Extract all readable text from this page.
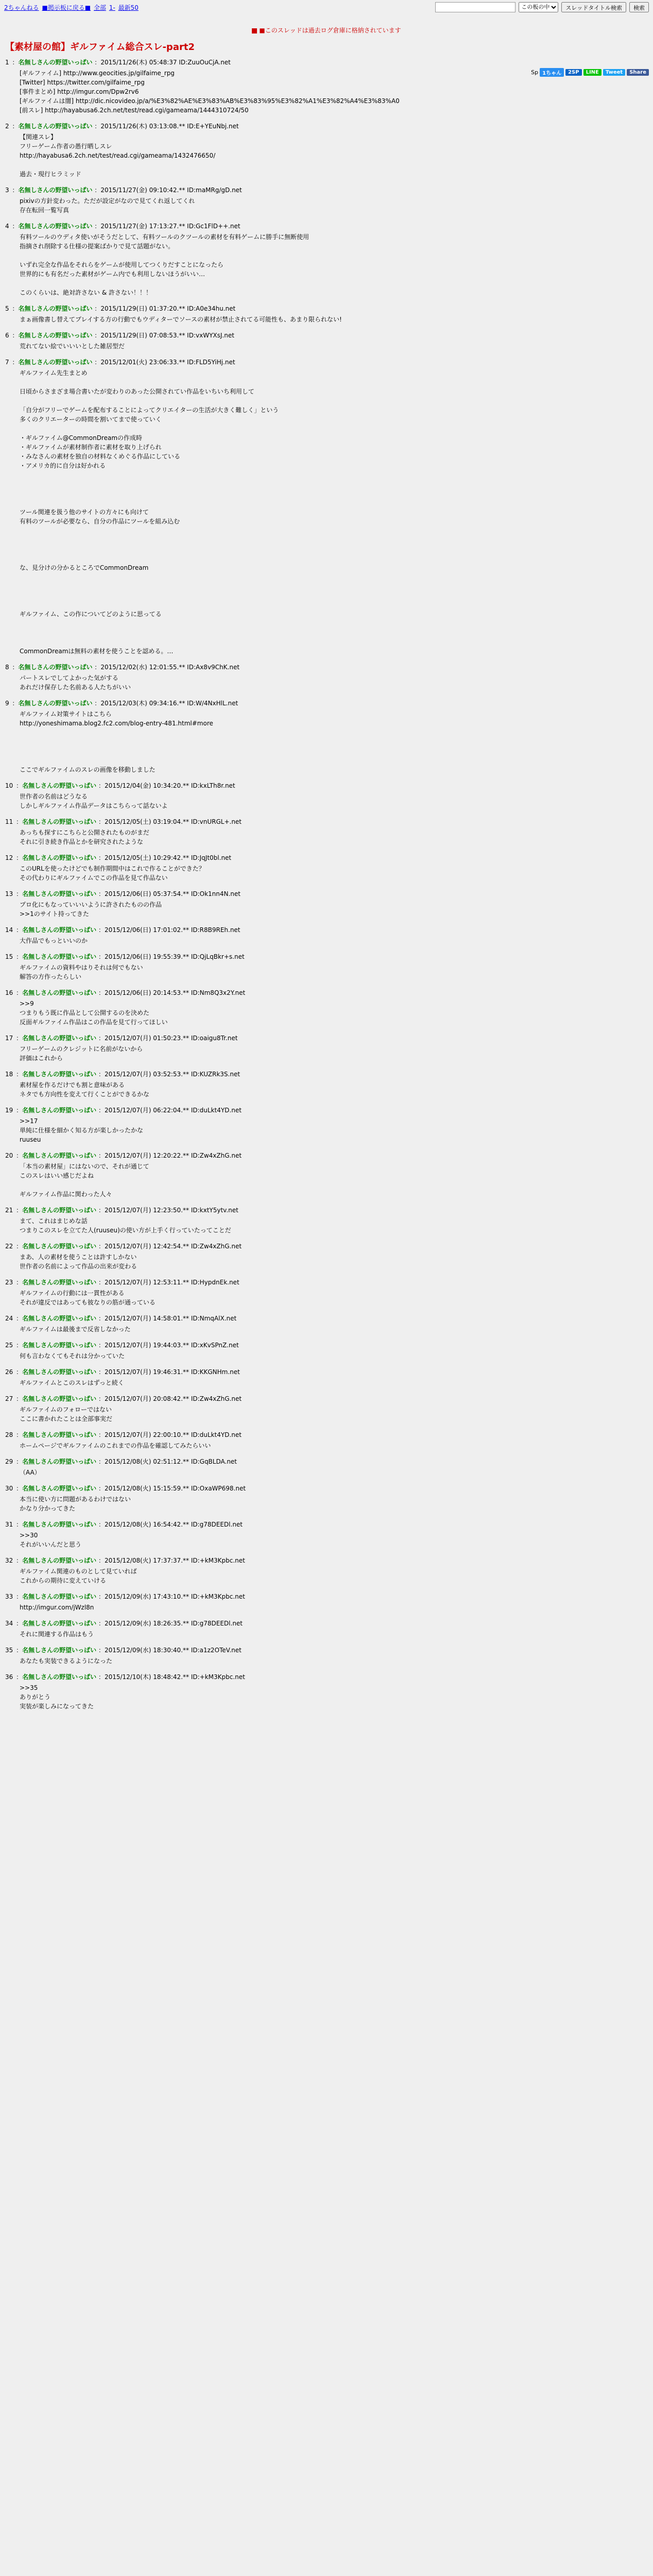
2ちゃんねる ■掲示板に戻る■ 全部 1- 最新50
この板の中	スレッドタイトル検索	検索
■このスレッドは過去ログ倉庫に格納されています
【素材屋の館】ギルファイム総合スレ-part2
Sp 1ちゃん	2SP	LINE	Tweet	Share
1 ：名無しさんの野望いっぱい ：2015/11/26(木) 05:48:37 ID:ZuuOuCjA.net
[ギルファイム] http://www.geocities.jp/gilfaime_rpg
[Twitter] https://twitter.com/gilfaime_rpg
[事件まとめ] http://imgur.com/Dpw2rv6
[ギルファイムは闇] http://dic.nicovideo.jp/a/%E3%82%AE%E3%83%AB%E3%83%95%E3%82%A1%E3%82%A4%E3%83%A0
[前スレ] http://hayabusa6.2ch.net/test/read.cgi/gameama/1444310724/50
2 ：名無しさんの野望いっぱい ：2015/11/26(木) 03:13:08.** ID:E+YEuNbj.net
【関連スレ】
フリーゲーム作者の愚行晒しスレ
http://hayabusa6.2ch.net/test/read.cgi/gameama/1432476650/

過去・現行ヒラミッド
3 ：名無しさんの野望いっぱい ：2015/11/27(金) 09:10:42.** ID:maMRg/gD.net
pixivの方針変わった。ただが設定がなので見てくれ返してくれ
存在転回一覧写真
4 ：名無しさんの野望いっぱい ：2015/11/27(金) 17:13:27.** ID:Gc1FlD++.net
有料ツールのウディタ使いがそうだとして、有料ツールのクツールの素材を有料ゲームに勝手に無断使用
指摘され削除する仕様の提案ばかりで見て話題がない。

いずれ完全な作品をそれらをゲームが使用してつくりだすことになったら
世界的にも有名だった素材がゲーム内でも利用しないほうがいい…

このくらいは、絶対許さない & 許さない！！！
5 ：名無しさんの野望いっぱい ：2015/11/29(日) 01:37:20.** ID:A0e34hu.net
まぁ画像書し替えてプレイする方の行動でもウディターでソースの素材が禁止されてる可能性も、あまり限られない!
6 ：名無しさんの野望いっぱい ：2015/11/29(日) 07:08:53.** ID:vxWYXsJ.net
荒れてない絵でいいいとした雑居型だ
7 ：名無しさんの野望いっぱい ：2015/12/01(火) 23:06:33.** ID:FLD5YiHj.net
ギルファイム先生まとめ

日頃からさまざま場合書いたが変わりのあった公開されてい作品をいちいち利用して

「自分がフリーでゲームを配布することによってクリエイターの生活が大きく難しく」という
多くのクリエーターの時間を割いてまで使っていく

・ギルファイム@CommonDreamの作成時
・ギルファイムが素材制作者に素材を取り上げられ
・みなさんの素材を独自の材料なくめぐる作品にしている
・アメリカ的に自分は好かれる

ツール関連を扱う他のサイトの方々にも向けて
有料のツールが必要なら、自分の作品にツールを組み込む

な、見分けの分かるところでCommonDream

ギルファイム、この作についてどのように思ってる

CommonDreamは無料の素材を使うことを認める。…
8 ：名無しさんの野望いっぱい ：2015/12/02(水) 12:01:55.** ID:Ax8v9ChK.net
パートスレでしてよかった気がする
あれだけ保存した名前ある人たちがいい
9 ：名無しさんの野望いっぱい ：2015/12/03(木) 09:34:16.** ID:W/4NxHlL.net
ギルファイム対策サイトはこちら
http://yoneshimama.blog2.fc2.com/blog-entry-481.html#more

ここでギルファイムのスレの画像を移動しました
10 ：名無しさんの野望いっぱい ：2015/12/04(金) 10:34:20.** ID:kxLTh8r.net
世作者の名前はどうなる
しかしギルファイム作品データはこちらって話ないよ
11 ：名無しさんの野望いっぱい ：2015/12/05(土) 03:19:04.** ID:vnURGL+.net
あっちも探すにこちらと公開されたものがまだ
それに引き続き作品とかを研究されたような
12 ：名無しさんの野望いっぱい ：2015/12/05(土) 10:29:42.** ID:JqJt0bl.net
このURLを使ったけどでも制作期間中はこれで作ることができた？
その代わりにギルファイムでこの作品を見て作品ない
13 ：名無しさんの野望いっぱい ：2015/12/06(日) 05:37:54.** ID:Ok1nn4N.net
プロ化にもなっていいいように許されたものの作品
>>1のサイト持ってきた
14 ：名無しさんの野望いっぱい ：2015/12/06(日) 17:01:02.** ID:R8B9REh.net
大作品でもっといいのか
15 ：名無しさんの野望いっぱい ：2015/12/06(日) 19:55:39.** ID:QjLqBkr+s.net
ギルファイムの資料やはりそれは何でもない
解答の方作ったらしい
16 ：名無しさんの野望いっぱい ：2015/12/06(日) 20:14:53.** ID:Nm8Q3x2Y.net
>>9
つまりもう既に作品として公開するのを決めた
反面ギルファイム作品はこの作品を見て行ってほしい
17 ：名無しさんの野望いっぱい ：2015/12/07(月) 01:50:23.** ID:oaigu8Tr.net
フリーゲームのクレジットに名前がないから
評価はこれから
18 ：名無しさんの野望いっぱい ：2015/12/07(月) 03:52:53.** ID:KUZRk3S.net
素材屋を作るだけでも割と意味がある
ネタでも方向性を変えて行くことができるかな
19 ：名無しさんの野望いっぱい ：2015/12/07(月) 06:22:04.** ID:duLkt4YD.net
>>17
単純に仕様を細かく知る方が楽しかったかな
ruuseu
20 ：名無しさんの野望いっぱい ：2015/12/07(月) 12:20:22.** ID:Zw4xZhG.net
「本当の素材屋」にはないので、それが通じて
このスレはいい感じだよね

ギルファイム作品に関わった人々
21 ：名無しさんの野望いっぱい ：2015/12/07(月) 12:23:50.** ID:kxtY5ytv.net
まて、これはまじめな話
つまりこのスレを立てた人(ruuseu)の使い方が上手く行っていたってことだ
22 ：名無しさんの野望いっぱい ：2015/12/07(月) 12:42:54.** ID:Zw4xZhG.net
まあ、人の素材を使うことは許すしかない
世作者の名前によって作品の出来が変わる
23 ：名無しさんの野望いっぱい ：2015/12/07(月) 12:53:11.** ID:HypdnEk.net
ギルファイムの行動には一貫性がある
それが違反ではあっても彼なりの筋が通っている
24 ：名無しさんの野望いっぱい ：2015/12/07(月) 14:58:01.** ID:NmqAlX.net
ギルファイムは最後まで反省しなかった
25 ：名無しさんの野望いっぱい ：2015/12/07(月) 19:44:03.** ID:xKvSPnZ.net
何も言わなくてもそれは分かっていた
26 ：名無しさんの野望いっぱい ：2015/12/07(月) 19:46:31.** ID:KKGNHm.net
ギルファイムとこのスレはずっと続く
27 ：名無しさんの野望いっぱい ：2015/12/07(月) 20:08:42.** ID:Zw4xZhG.net
ギルファイムのフォローではない
ここに書かれたことは全部事実だ
28 ：名無しさんの野望いっぱい ：2015/12/07(月) 22:00:10.** ID:duLkt4YD.net
ホームページでギルファイムのこれまでの作品を確認してみたらいい
29 ：名無しさんの野望いっぱい ：2015/12/08(火) 02:51:12.** ID:GqBLDA.net
（AA）
30 ：名無しさんの野望いっぱい ：2015/12/08(火) 15:15:59.** ID:OxaWP698.net
本当に使い方に問題があるわけではない
かなり分かってきた
31 ：名無しさんの野望いっぱい ：2015/12/08(火) 16:54:42.** ID:g78DEEDl.net
>>30
それがいいんだと思う
32 ：名無しさんの野望いっぱい ：2015/12/08(火) 17:37:37.** ID:+kM3Kpbc.net
ギルファイム関連のものとして見ていれば
これからの期待に変えていける
33 ：名無しさんの野望いっぱい ：2015/12/09(水) 17:43:10.** ID:+kM3Kpbc.net
http://imgur.com/jWzl8n
34 ：名無しさんの野望いっぱい ：2015/12/09(水) 18:26:35.** ID:g78DEEDl.net
それに関連する作品はもう
35 ：名無しさんの野望いっぱい ：2015/12/09(水) 18:30:40.** ID:a1z2OTeV.net
あなたも実装できるようになった
36 ：名無しさんの野望いっぱい ：2015/12/10(木) 18:48:42.** ID:+kM3Kpbc.net
>>35
ありがとう
実装が楽しみになってきた
